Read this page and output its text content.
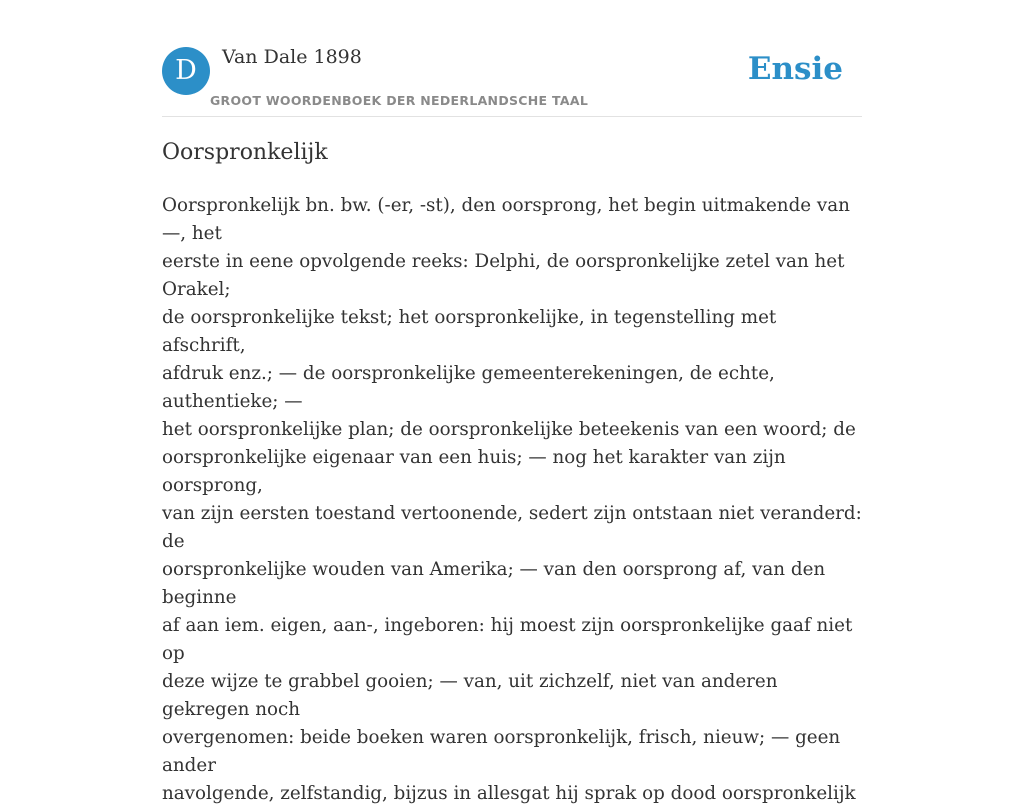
D	Van Dale 1898
GROOT WOORDENBOEK DER NEDERLANDSCHE TAAL
Ensie
Oorspronkelijk
Oorspronkelijk bn. bw. (-er, -st), den oorsprong, het begin uitmakende van —, het
eerste in eene opvolgende reeks: Delphi, de oorspronkelijke zetel van het Orakel;
de oorspronkelijke tekst; het oorspronkelijke, in tegenstelling met afschrift,
afdruk enz.; — de oorspronkelijke gemeenterekeningen, de echte, authentieke; —
het oorspronkelijke plan; de oorspronkelijke beteekenis van een woord; de
oorspronkelijke eigenaar van een huis; — nog het karakter van zijn oorsprong,
van zijn eersten toestand vertoonende, sedert zijn ontstaan niet veranderd: de
oorspronkelijke wouden van Amerika; — van den oorsprong af, van den beginne
af aan iem. eigen, aan-, ingeboren: hij moest zijn oorspronkelijke gaaf niet op
deze wijze te grabbel gooien; — van, uit zichzelf, niet van anderen gekregen noch
overgenomen: beide boeken waren oorspronkelijk, frisch, nieuw; — geen ander
navolgende, zelfstandig, bijzus in allesgat hij sprak op dood oorspronkelijk
